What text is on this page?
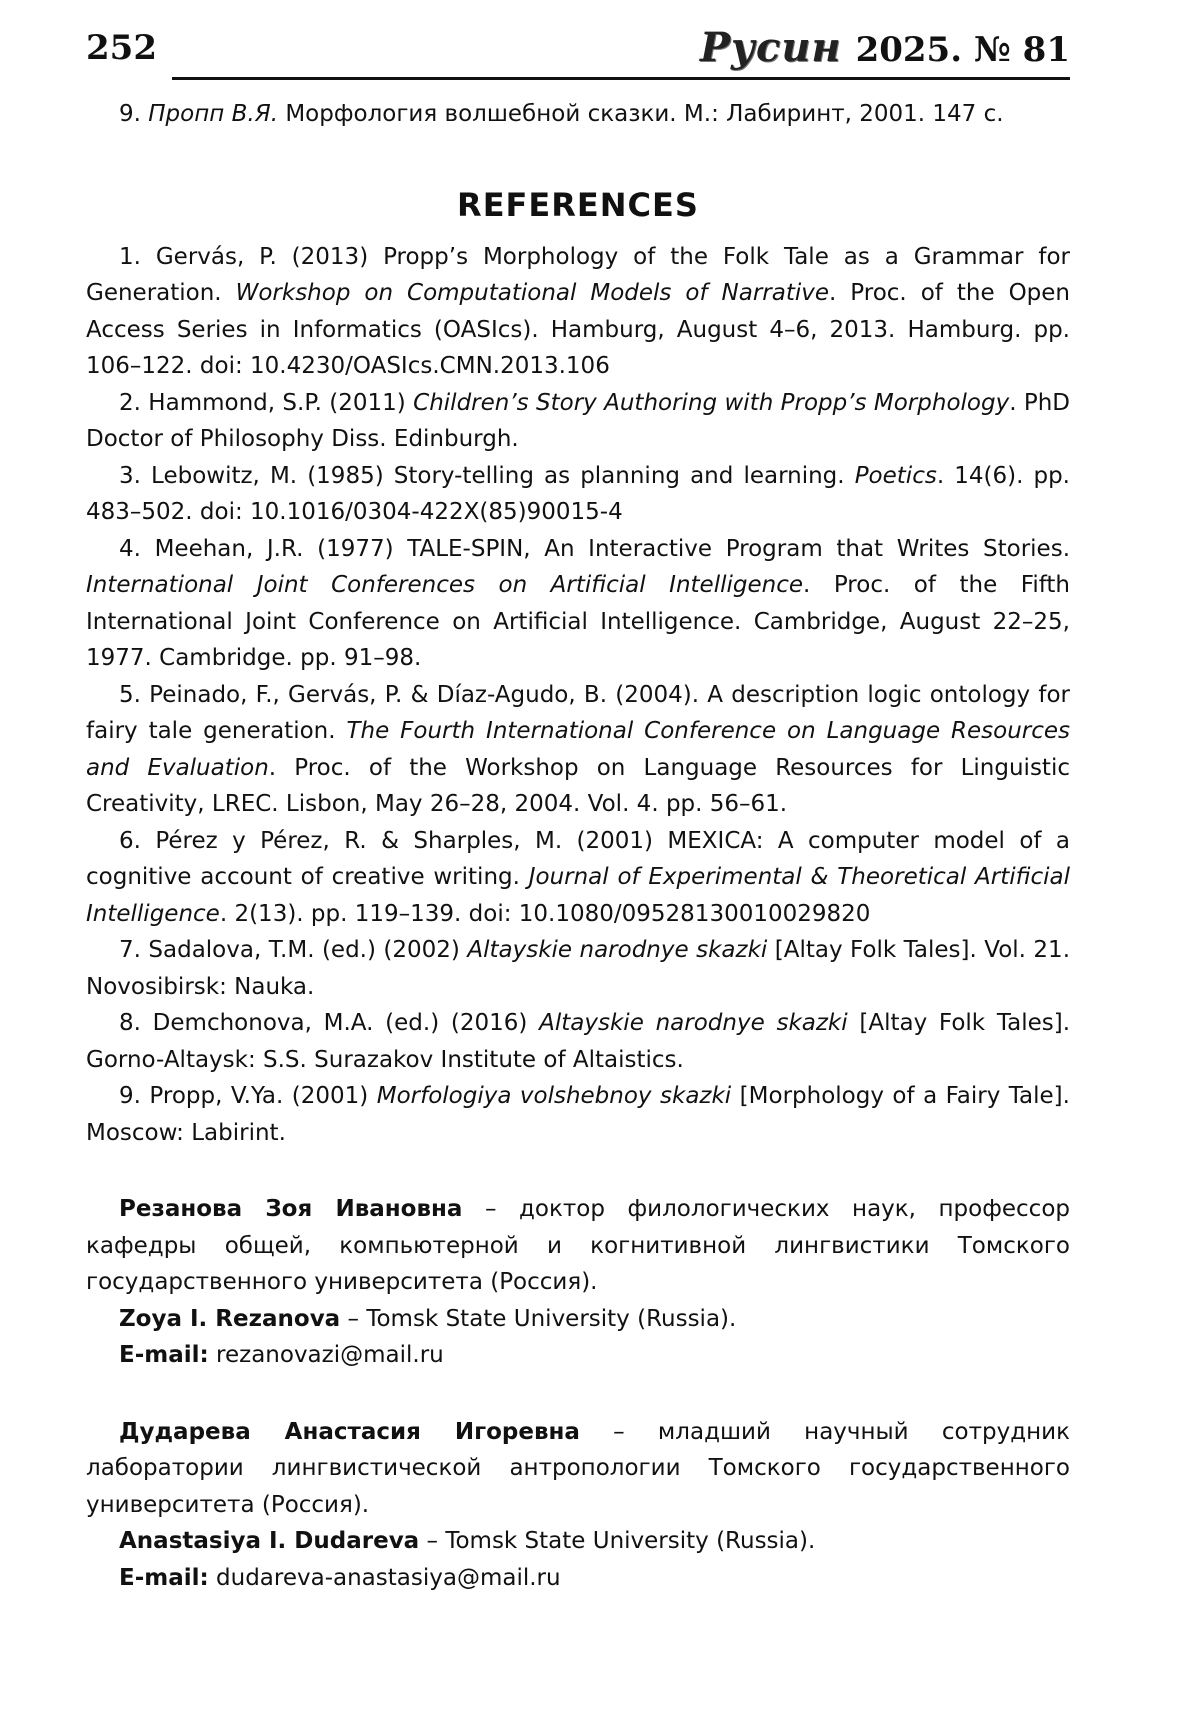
252	Русин 2025. № 81

9. Пропп В.Я. Морфология волшебной сказки. М.: Лабиринт, 2001. 147 с.

REFERENCES

1. Gervás, P. (2013) Propp’s Morphology of the Folk Tale as a Grammar for Generation. Workshop on Computational Models of Narrative. Proc. of the Open Access Series in Informatics (OASIcs). Hamburg, August 4–6, 2013. Hamburg. pp. 106–122. doi: 10.4230/OASIcs.CMN.2013.106

2. Hammond, S.P. (2011) Children’s Story Authoring with Propp’s Morphology. PhD Doctor of Philosophy Diss. Edinburgh.

3. Lebowitz, M. (1985) Story-telling as planning and learning. Poetics. 14(6). pp. 483–502. doi: 10.1016/0304-422X(85)90015-4

4. Meehan, J.R. (1977) TALE-SPIN, An Interactive Program that Writes Stories. International Joint Conferences on Artificial Intelligence. Proc. of the Fifth International Joint Conference on Artificial Intelligence. Cambridge, August 22–25, 1977. Cambridge. pp. 91–98.

5. Peinado, F., Gervás, P. & Díaz-Agudo, B. (2004). A description logic ontology for fairy tale generation. The Fourth International Conference on Language Resources and Evaluation. Proc. of the Workshop on Language Resources for Linguistic Creativity, LREC. Lisbon, May 26–28, 2004. Vol. 4. pp. 56–61.

6. Pérez y Pérez, R. & Sharples, M. (2001) MEXICA: A computer model of a cognitive account of creative writing. Journal of Experimental & Theoretical Artificial Intelligence. 2(13). pp. 119–139. doi: 10.1080/09528130010029820

7. Sadalova, T.M. (ed.) (2002) Altayskie narodnye skazki [Altay Folk Tales]. Vol. 21. Novosibirsk: Nauka.

8. Demchonova, M.A. (ed.) (2016) Altayskie narodnye skazki [Altay Folk Tales]. Gorno-Altaysk: S.S. Surazakov Institute of Altaistics.

9. Propp, V.Ya. (2001) Morfologiya volshebnoy skazki [Morphology of a Fairy Tale]. Moscow: Labirint.

Резанова Зоя Ивановна – доктор филологических наук, профессор кафедры общей, компьютерной и когнитивной лингвистики Томского государственного университета (Россия).

Zoya I. Rezanova – Tomsk State University (Russia).

E-mail: rezanovazi@mail.ru

Дударева Анастасия Игоревна – младший научный сотрудник лаборатории лингвистической антропологии Томского государственного университета (Россия).

Anastasiya I. Dudareva – Tomsk State University (Russia).

E-mail: dudareva-anastasiya@mail.ru
